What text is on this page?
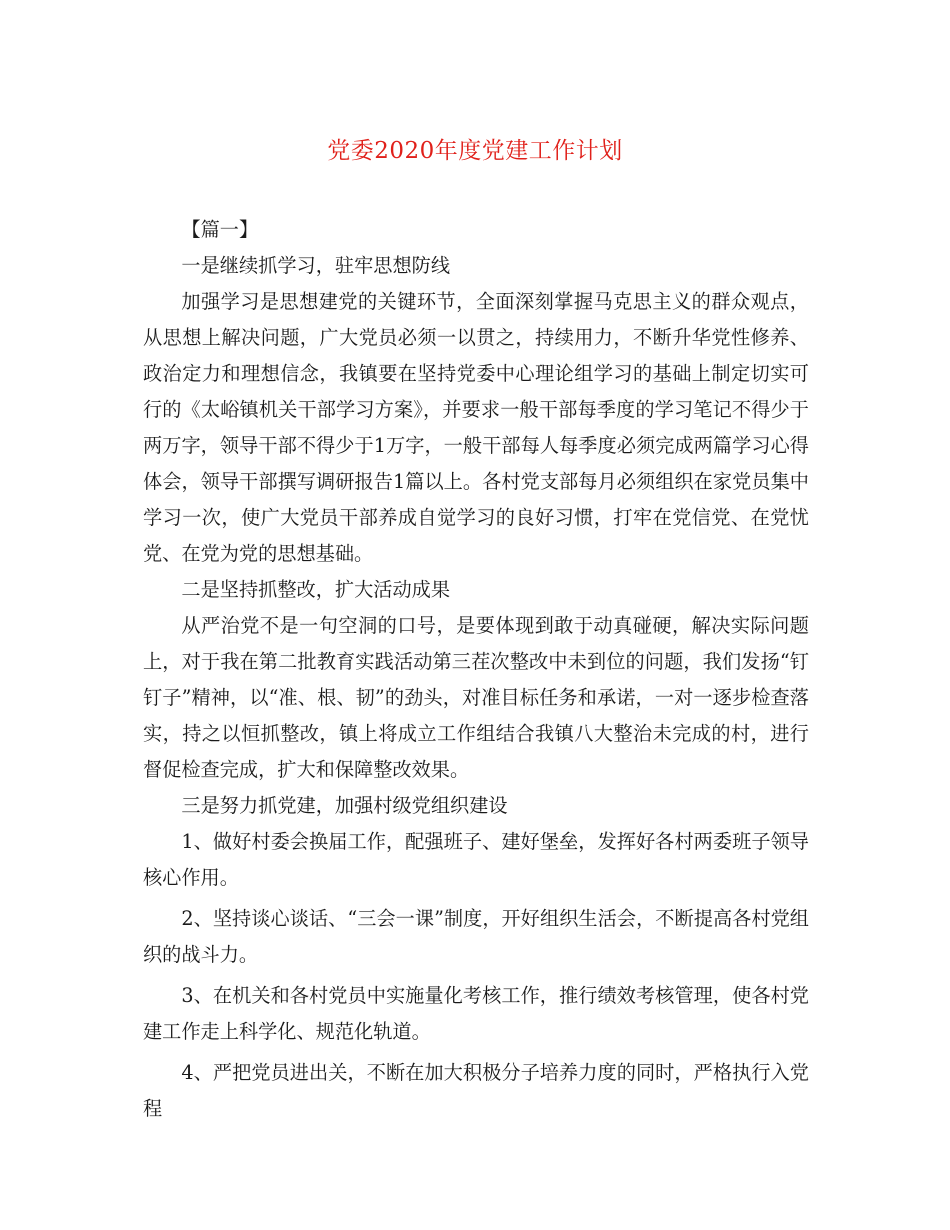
党委2020年度党建工作计划

【篇一】

一是继续抓学习，驻牢思想防线

加强学习是思想建党的关键环节，全面深刻掌握马克思主义的群众观点，从思想上解决问题，广大党员必须一以贯之，持续用力，不断升华党性修养、政治定力和理想信念，我镇要在坚持党委中心理论组学习的基础上制定切实可行的《太峪镇机关干部学习方案》，并要求一般干部每季度的学习笔记不得少于两万字，领导干部不得少于1万字，一般干部每人每季度必须完成两篇学习心得体会，领导干部撰写调研报告1篇以上。各村党支部每月必须组织在家党员集中学习一次，使广大党员干部养成自觉学习的良好习惯，打牢在党信党、在党忧党、在党为党的思想基础。

二是坚持抓整改，扩大活动成果

从严治党不是一句空洞的口号，是要体现到敢于动真碰硬，解决实际问题上，对于我在第二批教育实践活动第三茬次整改中未到位的问题，我们发扬“钉钉子”精神，以“准、根、韧”的劲头，对准目标任务和承诺，一对一逐步检查落实，持之以恒抓整改，镇上将成立工作组结合我镇八大整治未完成的村，进行督促检查完成，扩大和保障整改效果。

三是努力抓党建，加强村级党组织建设

1、做好村委会换届工作，配强班子、建好堡垒，发挥好各村两委班子领导核心作用。

2、坚持谈心谈话、“三会一课”制度，开好组织生活会，不断提高各村党组织的战斗力。

3、在机关和各村党员中实施量化考核工作，推行绩效考核管理，使各村党建工作走上科学化、规范化轨道。

4、严把党员进出关，不断在加大积极分子培养力度的同时，严格执行入党程
